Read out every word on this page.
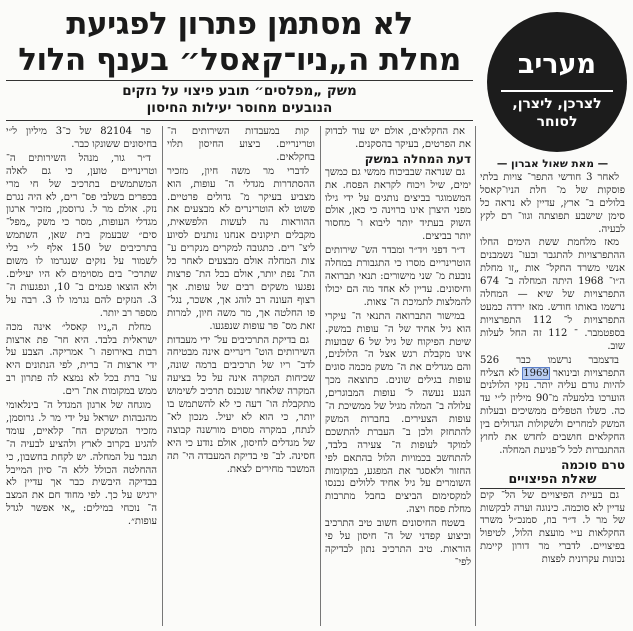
לא מסתמן פתרון לפגיעת
מחלת ה„ניו־קאסל״ בענף הלול
משק „מפלסים״ תובע פיצוי על נזקים
הנובעים מחוסר יעילות החיסון
מעריב
לצרכן, ליצרן, לסוחר

— מאת שאול אברון —

לאחר 3 חודשי התפר־ צויות בלתי פוסקות של מ־ חלת הניו־קאסל בלולים ב־ ארץ, עדיין לא נראה כל סימן שישבע תפוצתה וגוו־ רם לקץ לבעיה.

מאז מלחמת ששת הימים החלו ההתפרצויות להתגבר ובעו־ נשמבנים אנשי משרד החקל־ אות „זו מחלת ה״ו־ 1968 היתה המחלה ב־ 674 התפרצויות של שיא — המחלה נרשמו באותו חודש. מאז ירדה כמעט התפרצויות ל־ 112 התפרצויות בספטמבר. ־ 112 זה החל לעלות שוב.

בדצמבר נרשמו כבר 526 התפרצויות ובינואר 1969 לא הצליח להיות גורם עליה יותר. נזקי הלולנים הוערכו בלמעלה מ־90 מיליון ל״י עד כה. כשלו הטפלים ממשיכים ובעלות המשק למחרים ולשקולות הגדולים בין החקלאים חושבים לחדש את לחוץ ההתגברות לכל ל־פגיעת המחלה.

טרם סוכמה

שאלת הפיצויים

גם בעיית הפיצויים של הל־ קים עדיין לא סוכמה. כינוגה וערה לבקשות של מר ל. ד״ר בוז, סמנכ״ל משרד החקלאות ע״י מועצת הלול, לטיפול בפיצויים. לדברי מר דורון קיימת נכונות עקרונית לפצות

את החקלאים, אולם יש עוד לבדוק את הפרטים, בעיקר בהסקנים.

דעת המחלה במשק

גם שנראה שבביכוח ממשי גם כמשך ימים, שיל ויכוח לקראת הפסח. את המשמוגר בביצים נותגים על ידי גילו מפני היצרן אינו ברוינה כי כאן, אולם השוק בעתיד יותר ליבוא ו־ מחסור יותר בביצים.

ד״ר דפני ויד״ר ומבדר הש־ שירותים הוטרינריים מסרו כי התגבורת במחלה נובעת מ־ שני מישורים: תנאי תברואה וחיסונים. עדיין לא אחד מה הם יכולו להמלצות לתמיכת ה־ צאות.

במישור התברואה התנאי ה־ עיקרי הוא גיל אחיד של ה־ עופות במשק. שיטת הפיקוח של גיל של 6 שבועות אינו מקבלת רגש אצל ה־ הלולנים, והם מגדלים את ה־ משק מכמה סוגים עופות בגילים שונים. כתוצאה מכך הנגע נעשה ל־ עופות המבוגרים, עלולה ב־ המלה מגיל של ממשיכת ה־ עופות הצעירים. בחברות המשק להתחזק ולכן ב־ העברת להתשכם למוקד לעופות ה־ צעירה בלבד, להתחשב בכמויות הלול בהתאם לפי החזור ולאסגר את המפגע, במקומות השומרים על גיל אחיד ללולים נכנסו למקסימום הביצים בחבל מתרבות מחלת פסח ויצה.

בשטח החיסונים חשוב טיב התרכיב וביצוע קפדני של ה־ חיסון על פי הוראות. טיב התרכיב נתון לבדיקה לפי־

קות במעבדות השירותים ה־ וטרינריים. ביצוע החיסון תלוי בחקלאים.

לדברי מר משה חיון, מזכיר ההסתדרות מגדלי ה־ עופות, הוא מצביע בעיקר מ־ גדולים פרטיים. פשוט לא הוטרינרים לא מבצעים את ההוראות נה לעשות הלפשאית, מקבלים תיקונים אנחנו נותנים לסיוע ליצ־ רים. כתגובה למקרים מנקרים ע־ צות המחלה אולם מבצעים לאחר כל הת־ נפת יותר, אולם בכל הת־ פרצות נפגעו משקים רבים של עופות. אך רצוף העונה רב לוהג אך, אשכר, נגל־ פו החלטה אך, מר משה חיון, למרות זאת מס־ פר עופות שנפגעו.

גם בדיקת התרכיבים על־ ידי מעבדות השירותים הוט־ רינריים אינה מבטיחה לדב־ ריו של תרכיבים ברמה שונה, שכיחות המקרה אינה על כל בציעה המקרה שלאחר שנכנס תרכיב לשימוש מתקבלת הו־ דעה כי לא להשתמש בו יותר, כי הוא לא יעיל. מנכון לא־ לנתח, במקרה מסוים מורשנה קבוצה של מגדלים לחיסון, אולם נודע כי היא חסינה. לב־ פי בדיקת המעבדה הי־ תה המשבר מחירים לצאת.

פר 82104 של כ־3 מיליון ל״י בחיסונים ששונקו כבר.

ד״ר גור, מנהל השירותים ה־ וטרינריים טוען, כי גם לאלה המשתמשים בתרכיב של חי מרי בכפרים בשלבי פס־ רים, לא היה נגרם נזק. אולם מר ל. גרוסמן, מזכיר ארגון מגדלי העופות, מסר כי משק „מפל־ סים״ שבעמק בית שאן, השתמש בתרכיבים של 150 אלף ל״י בלי לשמור על נזקים שנגרמו לו משום שתרכי־ בים מסוימים לא היו יעילים. ולא הוצאו פגמים ב־ 10, ונפגעות ה־ 3. הנזקים להם נגרמו לו 3. רבה על מספר רב יותר.

מחלת ה„ניו קאסל״ אינה מכה ישראלית בלבד. היא חר־ פת ארצות רבות באירופה ו־ אמריקה. הצבע על ידי ארצות ה־ ברית, לפי הנתונים היא עו־ ברת בכל לא נמצא לה פתרון רב ממש במקומות את־ רים.

מוגחה של ארגון המגדל ה־ בינלאומי מהגבהות ישראל על ידי מר ל. גרוסמן, מזכיר המשקים הח־ קלאיים, עומד להגיע בקרוב לארץ ולהציע לבעיה ה־ תגבר על המחלה. יש לקחת בחשבון, כי ההחלטה הכולל ללא ה־ סיון המייבל בבדיקה היבשית כבר אך עדיין לא ירגיש על כך. לפי מחוד חם את המצב ה־ נוכחי במילים: „אי אפשר לגדל עופות״.
